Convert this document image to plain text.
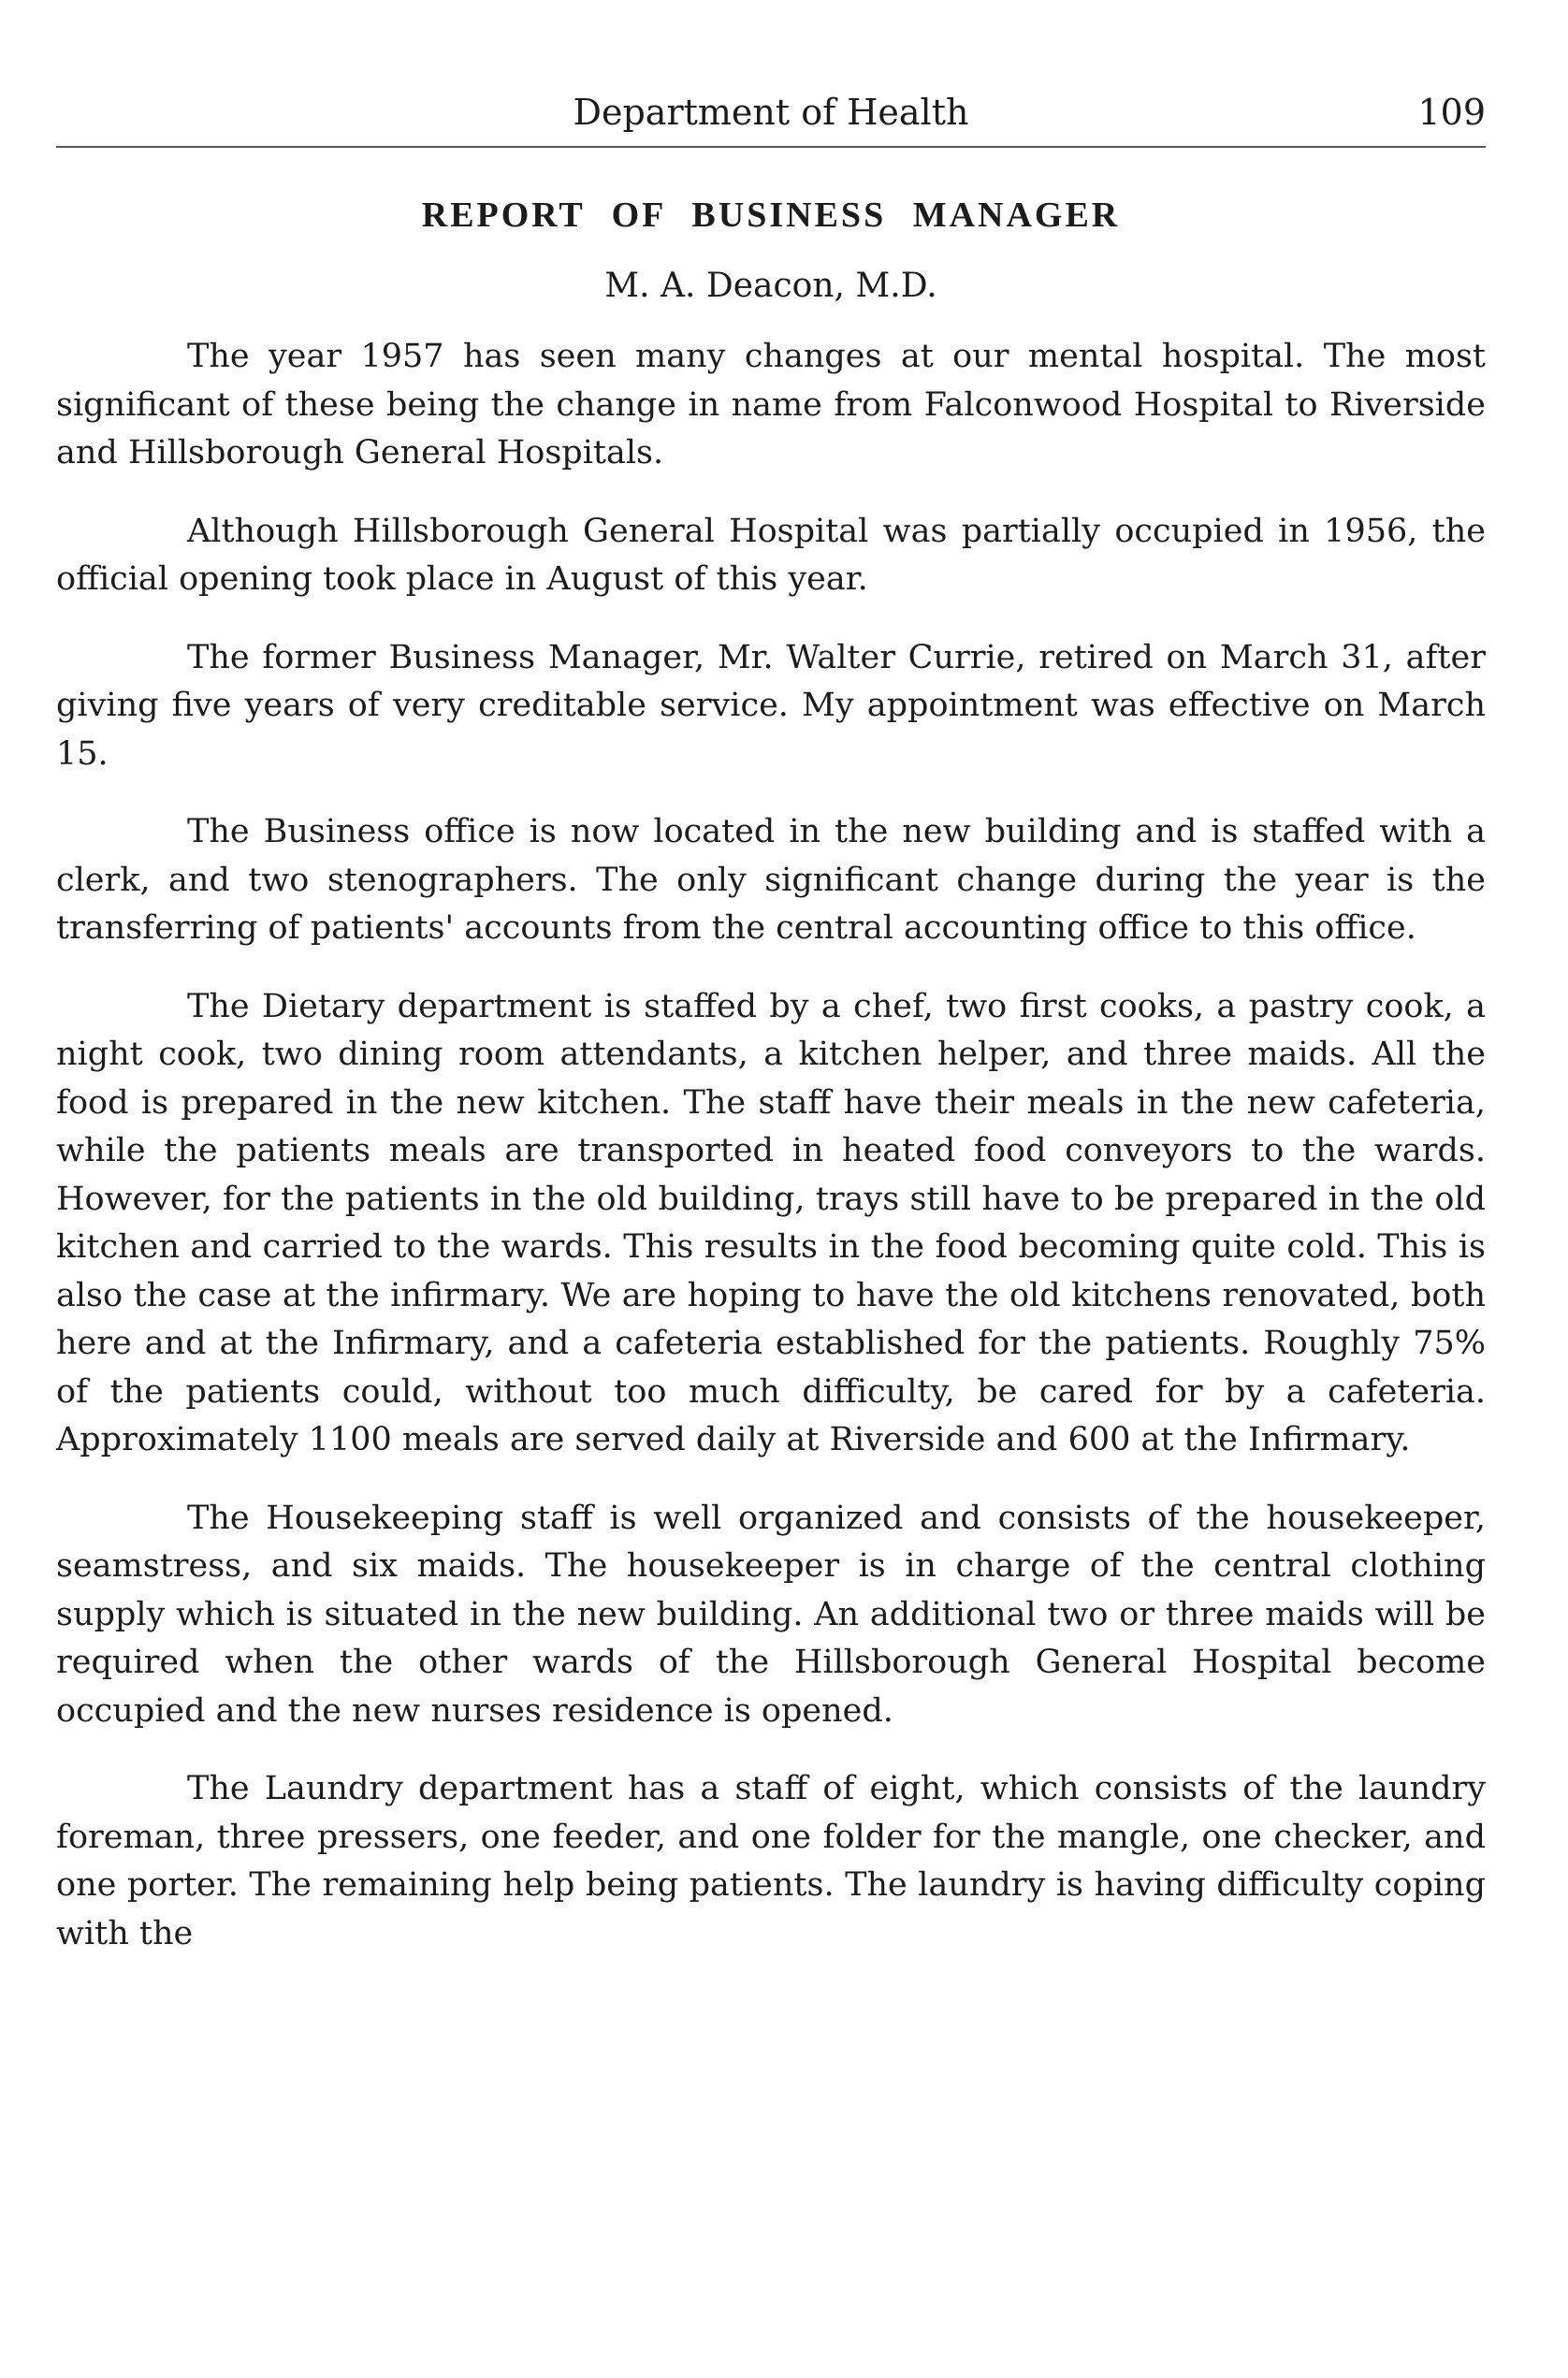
Department of Health	109
REPORT OF BUSINESS MANAGER
M. A. Deacon, M.D.

The year 1957 has seen many changes at our mental hospital. The most significant of these being the change in name from Falconwood Hospital to Riverside and Hillsborough General Hospitals.

Although Hillsborough General Hospital was partially occupied in 1956, the official opening took place in August of this year.

The former Business Manager, Mr. Walter Currie, retired on March 31, after giving five years of very creditable service. My appointment was effective on March 15.

The Business office is now located in the new building and is staffed with a clerk, and two stenographers. The only significant change during the year is the transferring of patients' accounts from the central accounting office to this office.

The Dietary department is staffed by a chef, two first cooks, a pastry cook, a night cook, two dining room attendants, a kitchen helper, and three maids. All the food is prepared in the new kitchen. The staff have their meals in the new cafeteria, while the patients meals are transported in heated food conveyors to the wards. However, for the patients in the old building, trays still have to be prepared in the old kitchen and carried to the wards. This results in the food becoming quite cold. This is also the case at the infirmary. We are hoping to have the old kitchens renovated, both here and at the Infirmary, and a cafeteria established for the patients. Roughly 75% of the patients could, without too much difficulty, be cared for by a cafeteria. Approximately 1100 meals are served daily at Riverside and 600 at the Infirmary.

The Housekeeping staff is well organized and consists of the housekeeper, seamstress, and six maids. The housekeeper is in charge of the central clothing supply which is situated in the new building. An additional two or three maids will be required when the other wards of the Hillsborough General Hospital become occupied and the new nurses residence is opened.

The Laundry department has a staff of eight, which consists of the laundry foreman, three pressers, one feeder, and one folder for the mangle, one checker, and one porter. The remaining help being patients. The laundry is having difficulty coping with the
